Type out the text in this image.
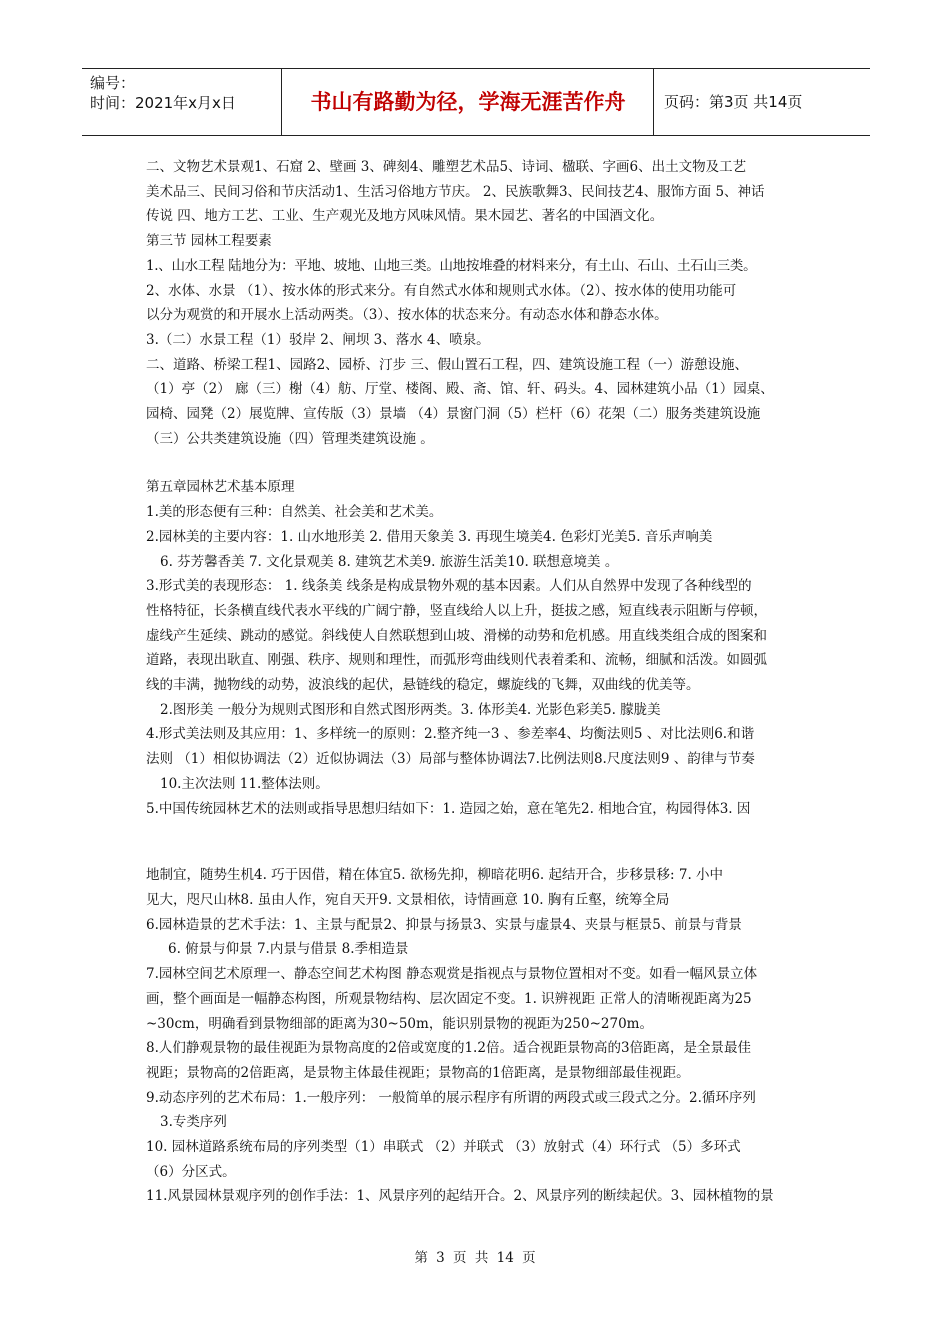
编号：
时间：2021年x月x日	书山有路勤为径，学海无涯苦作舟	页码：第3页 共14页

二、文物艺术景观1、石窟 2、壁画 3、碑刻4、雕塑艺术品5、诗词、楹联、字画6、出土文物及工艺

美术品三、民间习俗和节庆活动1、生活习俗地方节庆。 2、民族歌舞3、民间技艺4、服饰方面 5、神话

传说 四、地方工艺、工业、生产观光及地方风味风情。果木园艺、著名的中国酒文化。

第三节 园林工程要素

1.、山水工程 陆地分为：平地、坡地、山地三类。山地按堆叠的材料来分，有土山、石山、土石山三类。

2、水体、水景 （1）、按水体的形式来分。有自然式水体和规则式水体。（2）、按水体的使用功能可

以分为观赏的和开展水上活动两类。（3）、按水体的状态来分。有动态水体和静态水体。

3.（二）水景工程（1）驳岸 2、闸坝 3、落水 4、喷泉。

二、道路、桥梁工程1、园路2、园桥、汀步 三、假山置石工程，四、建筑设施工程（一）游憩设施、

（1）亭（2） 廊（三）榭（4）舫、厅堂、楼阁、殿、斋、馆、轩、码头。4、园林建筑小品（1）园桌、

园椅、园凳（2）展览牌、宣传版（3）景墙 （4）景窗门洞（5）栏杆（6）花架（二）服务类建筑设施

（三）公共类建筑设施（四）管理类建筑设施 。

第五章园林艺术基本原理

1.美的形态便有三种：自然美、社会美和艺术美。

2.园林美的主要内容：1. 山水地形美 2. 借用天象美 3. 再现生境美4. 色彩灯光美5. 音乐声响美

6. 芬芳馨香美 7. 文化景观美 8. 建筑艺术美9. 旅游生活美10. 联想意境美 。

3.形式美的表现形态： 1. 线条美 线条是构成景物外观的基本因素。人们从自然界中发现了各种线型的

性格特征，长条横直线代表水平线的广阔宁静，竖直线给人以上升，挺拔之感，短直线表示阻断与停顿，

虚线产生延续、跳动的感觉。斜线使人自然联想到山坡、滑梯的动势和危机感。用直线类组合成的图案和

道路，表现出耿直、刚强、秩序、规则和理性，而弧形弯曲线则代表着柔和、流畅，细腻和活泼。如圆弧

线的丰满，抛物线的动势，波浪线的起伏，悬链线的稳定，螺旋线的飞舞，双曲线的优美等。

2.图形美 一般分为规则式图形和自然式图形两类。3. 体形美4. 光影色彩美5. 朦胧美

4.形式美法则及其应用：1、多样统一的原则：2.整齐纯一3 、参差率4、均衡法则5 、对比法则6.和谐

法则 （1）相似协调法（2）近似协调法（3）局部与整体协调法7.比例法则8.尺度法则9 、韵律与节奏

10.主次法则 11.整体法则。

5.中国传统园林艺术的法则或指导思想归结如下：1. 造园之始，意在笔先2. 相地合宜，构园得体3. 因

地制宜，随势生机4. 巧于因借，精在体宜5. 欲杨先抑，柳暗花明6. 起结开合，步移景移: 7. 小中

见大，咫尺山林8. 虽由人作，宛自天开9. 文景相依，诗情画意 10. 胸有丘壑，统筹全局

6.园林造景的艺术手法：1、主景与配景2、抑景与扬景3、实景与虚景4、夹景与框景5、前景与背景

6. 俯景与仰景 7.内景与借景 8.季相造景

7.园林空间艺术原理一、静态空间艺术构图 静态观赏是指视点与景物位置相对不变。如看一幅风景立体

画，整个画面是一幅静态构图，所观景物结构、层次固定不变。1. 识辨视距 正常人的清晰视距离为25

~30cm，明确看到景物细部的距离为30~50m，能识别景物的视距为250~270m。

8.人们静观景物的最佳视距为景物高度的2倍或宽度的1.2倍。适合视距景物高的3倍距离，是全景最佳

视距；景物高的2倍距离，是景物主体最佳视距；景物高的1倍距离，是景物细部最佳视距。

9.动态序列的艺术布局：1.一般序列： 一般简单的展示程序有所谓的两段式或三段式之分。2.循环序列

3.专类序列

10. 园林道路系统布局的序列类型（1）串联式 （2）并联式 （3）放射式（4）环行式 （5）多环式

（6）分区式。

11.风景园林景观序列的创作手法：1、风景序列的起结开合。2、风景序列的断续起伏。3、园林植物的景

第 3 页 共 14 页
